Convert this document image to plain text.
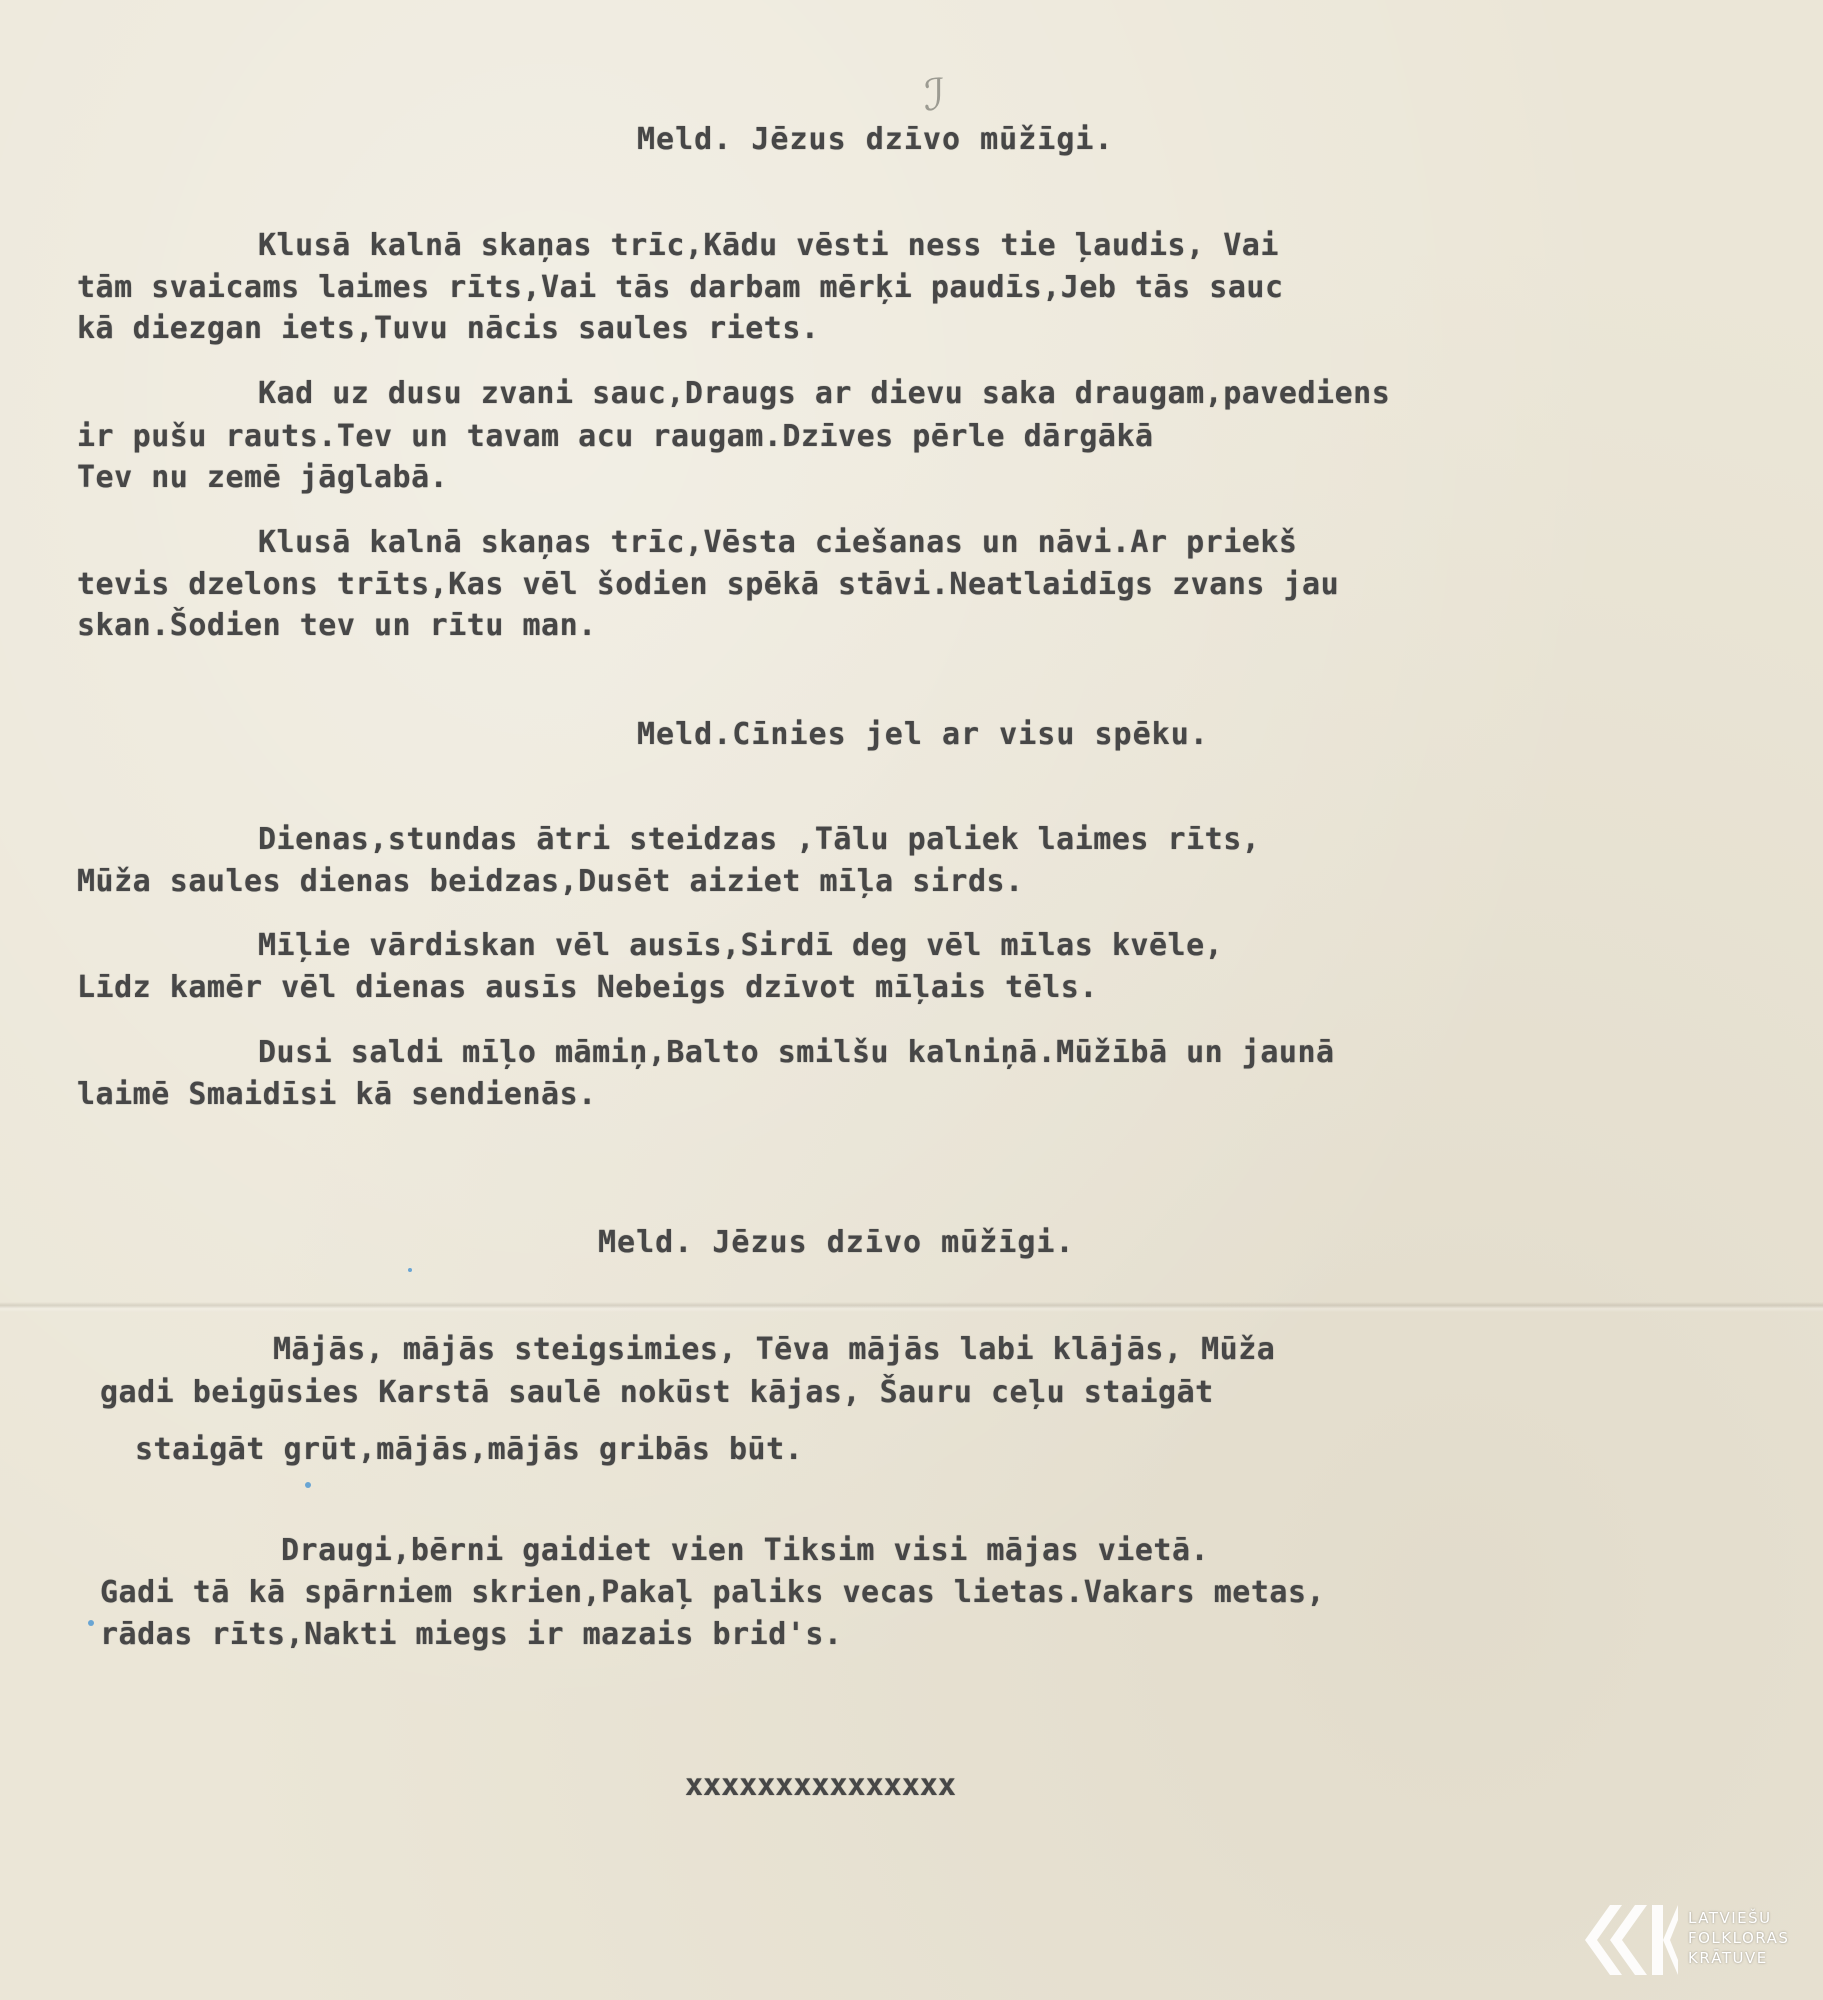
Meld. Jēzus dzīvo mūžīgi.
Klusā kalnā skaņas trīc,Kādu vēsti ness tie ļaudis, Vai
tām svaicams laimes rīts,Vai tās darbam mērķi paudīs,Jeb tās sauc
kā diezgan iets,Tuvu nācis saules riets.
Kad uz dusu zvani sauc,Draugs ar dievu saka draugam,pavediens
ir pušu rauts.Tev un tavam acu raugam.Dzīves pērle dārgākā
Tev nu zemē jāglabā.
Klusā kalnā skaņas trīc,Vēsta ciešanas un nāvi.Ar priekš
tevis dzelons trīts,Kas vēl šodien spēkā stāvi.Neatlaidīgs zvans jau
skan.Šodien tev un rītu man.
Meld.Cīnies jel ar visu spēku.
Dienas,stundas ātri steidzas ,Tālu paliek laimes rīts,
Mūža saules dienas beidzas,Dusēt aiziet mīļa sirds.
Mīļie vārdiskan vēl ausīs,Sirdī deg vēl mīlas kvēle,
Līdz kamēr vēl dienas ausīs Nebeigs dzīvot mīļais tēls.
Dusi saldi mīļo māmiņ,Balto smilšu kalniņā.Mūžībā un jaunā
laimē Smaidīsi kā sendienās.
Meld. Jēzus dzīvo mūžīgi.
Mājās, mājās steigsimies, Tēva mājās labi klājās, Mūža
gadi beigūsies Karstā saulē nokūst kājas, Šauru ceļu staigāt
staigāt grūt,mājās,mājās gribās būt.
Draugi,bērni gaidiet vien Tiksim visi mājas vietā.
Gadi tā kā spārniem skrien,Pakaļ paliks vecas lietas.Vakars metas,
rādas rīts,Nakti miegs ir mazais brid's.
xxxxxxxxxxxxxxx
ℐ
LATVIEŠU
FOLKLORAS
KRĀTUVE
